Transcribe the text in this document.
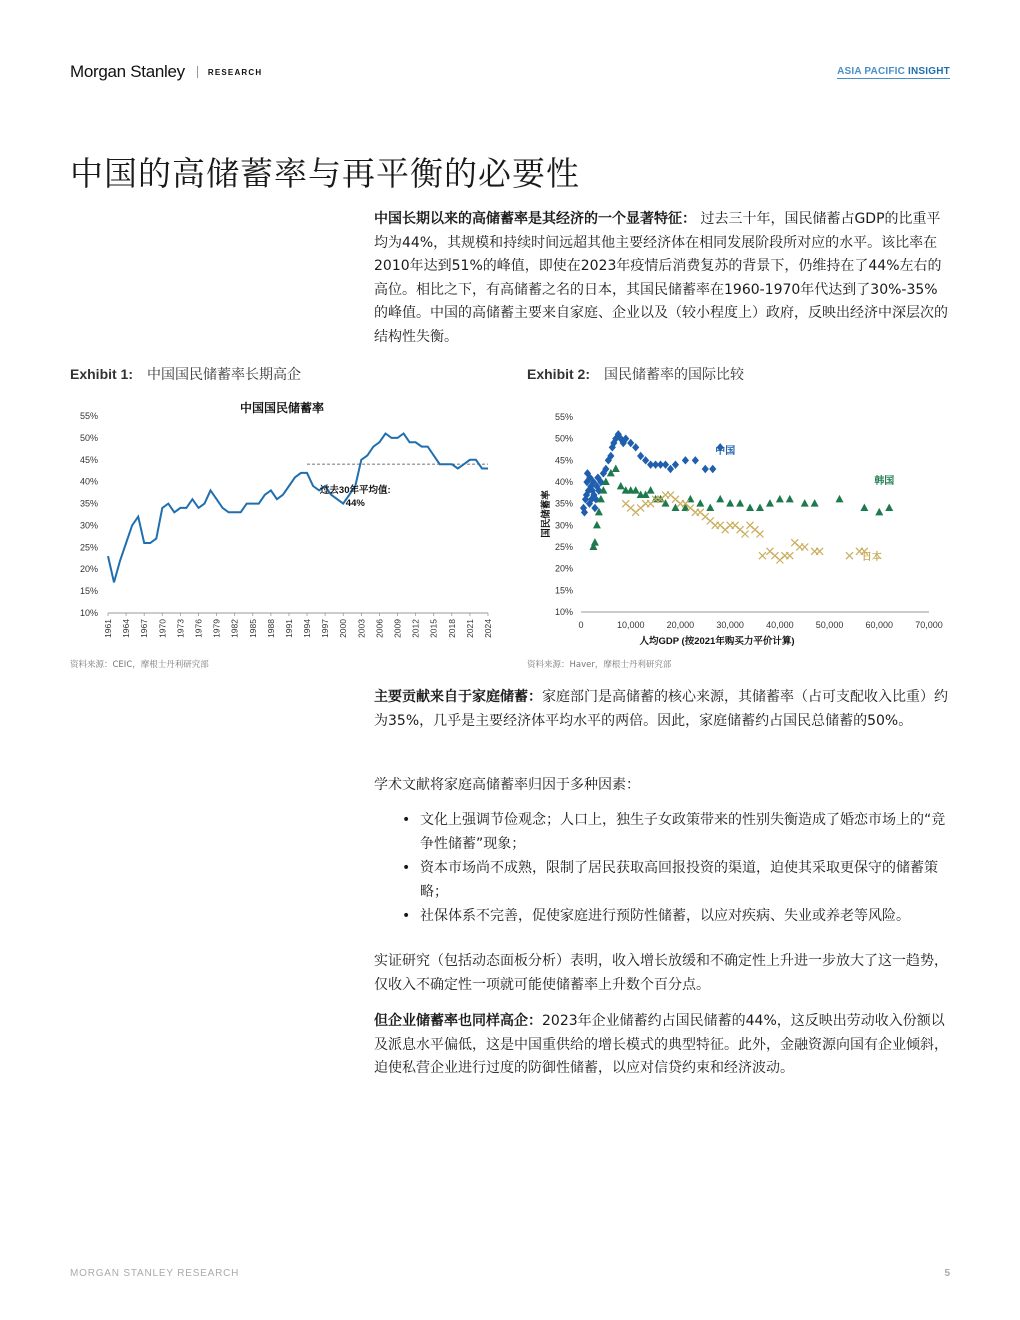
Morgan Stanley	RESEARCH	ASIA PACIFIC INSIGHT
中国的高储蓄率与再平衡的必要性

中国长期以来的高储蓄率是其经济的一个显著特征： 过去三十年，国民储蓄占GDP的比重平均为44%，其规模和持续时间远超其他主要经济体在相同发展阶段所对应的水平。该比率在2010年达到51%的峰值，即使在2023年疫情后消费复苏的背景下，仍维持在了44%左右的高位。相比之下，有高储蓄之名的日本，其国民储蓄率在1960-1970年代达到了30%-35%的峰值。中国的高储蓄主要来自家庭、企业以及（较小程度上）政府，反映出经济中深层次的结构性失衡。

Exhibit 1: 中国国民储蓄率长期高企	Exhibit 2: 国民储蓄率的国际比较
中国国民储蓄率
10%
15%
20%
25%
30%
35%
40%
45%
50%
55%
1961 1964 1967 1970 1973 1976 1979 1982 1985 1988 1991 1994 1997 2000 2003 2006 2009 2012 2015 2018 2021 2024
过去30年平均值:
44%
10%
15%
20%
25%
30%
35%
40%
45%
50%
55%
0	10,000 20,000 30,000 40,000 50,000 60,000 70,000
中国
韩国
日本
人均GDP (按2021年购买力平价计算)
国民储蓄率
资料来源：CEIC，摩根士丹利研究部	资料来源：Haver，摩根士丹利研究部

主要贡献来自于家庭储蓄：家庭部门是高储蓄的核心来源，其储蓄率（占可支配收入比重）约为35%，几乎是主要经济体平均水平的两倍。因此，家庭储蓄约占国民总储蓄的50%。

学术文献将家庭高储蓄率归因于多种因素：

• 文化上强调节俭观念；人口上，独生子女政策带来的性别失衡造成了婚恋市场上的“竞争性储蓄”现象；
• 资本市场尚不成熟，限制了居民获取高回报投资的渠道，迫使其采取更保守的储蓄策略；
• 社保体系不完善，促使家庭进行预防性储蓄，以应对疾病、失业或养老等风险。

实证研究（包括动态面板分析）表明，收入增长放缓和不确定性上升进一步放大了这一趋势，仅收入不确定性一项就可能使储蓄率上升数个百分点。

但企业储蓄率也同样高企：2023年企业储蓄约占国民储蓄的44%，这反映出劳动收入份额以及派息水平偏低，这是中国重供给的增长模式的典型特征。此外，金融资源向国有企业倾斜，迫使私营企业进行过度的防御性储蓄，以应对信贷约束和经济波动。

MORGAN STANLEY RESEARCH	5
